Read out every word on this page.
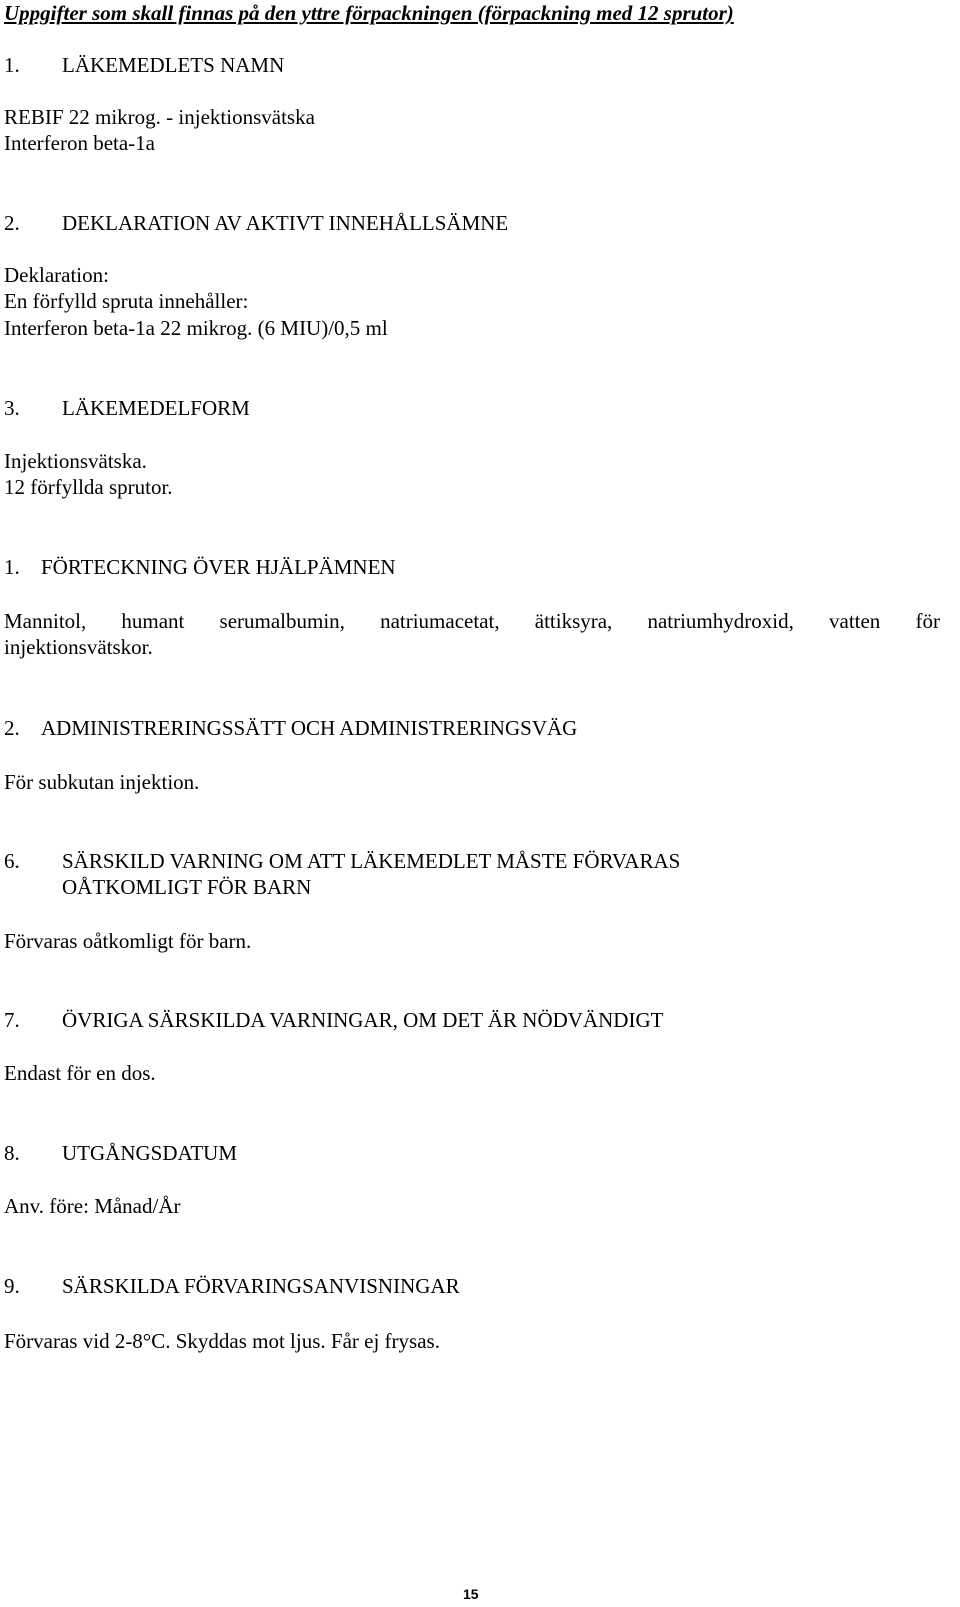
Uppgifter som skall finnas på den yttre förpackningen (förpackning med 12 sprutor)
1. LÄKEMEDLETS NAMN
REBIF 22 mikrog. - injektionsvätska
Interferon beta-1a
2. DEKLARATION AV AKTIVT INNEHÅLLSÄMNE
Deklaration:
En förfylld spruta innehåller:
Interferon beta-1a 22 mikrog. (6 MIU)/0,5 ml
3. LÄKEMEDELFORM
Injektionsvätska.
12 förfyllda sprutor.
1. FÖRTECKNING ÖVER HJÄLPÄMNEN
Mannitol, humant serumalbumin, natriumacetat, ättiksyra, natriumhydroxid, vatten för
injektionsvätskor.
2. ADMINISTRERINGSSÄTT OCH ADMINISTRERINGSVÄG
För subkutan injektion.
6. SÄRSKILD VARNING OM ATT LÄKEMEDLET MÅSTE FÖRVARAS
OÅTKOMLIGT FÖR BARN
Förvaras oåtkomligt för barn.
7. ÖVRIGA SÄRSKILDA VARNINGAR, OM DET ÄR NÖDVÄNDIGT
Endast för en dos.
8. UTGÅNGSDATUM
Anv. före: Månad/År
9. SÄRSKILDA FÖRVARINGSANVISNINGAR
Förvaras vid 2-8°C. Skyddas mot ljus. Får ej frysas.
15
